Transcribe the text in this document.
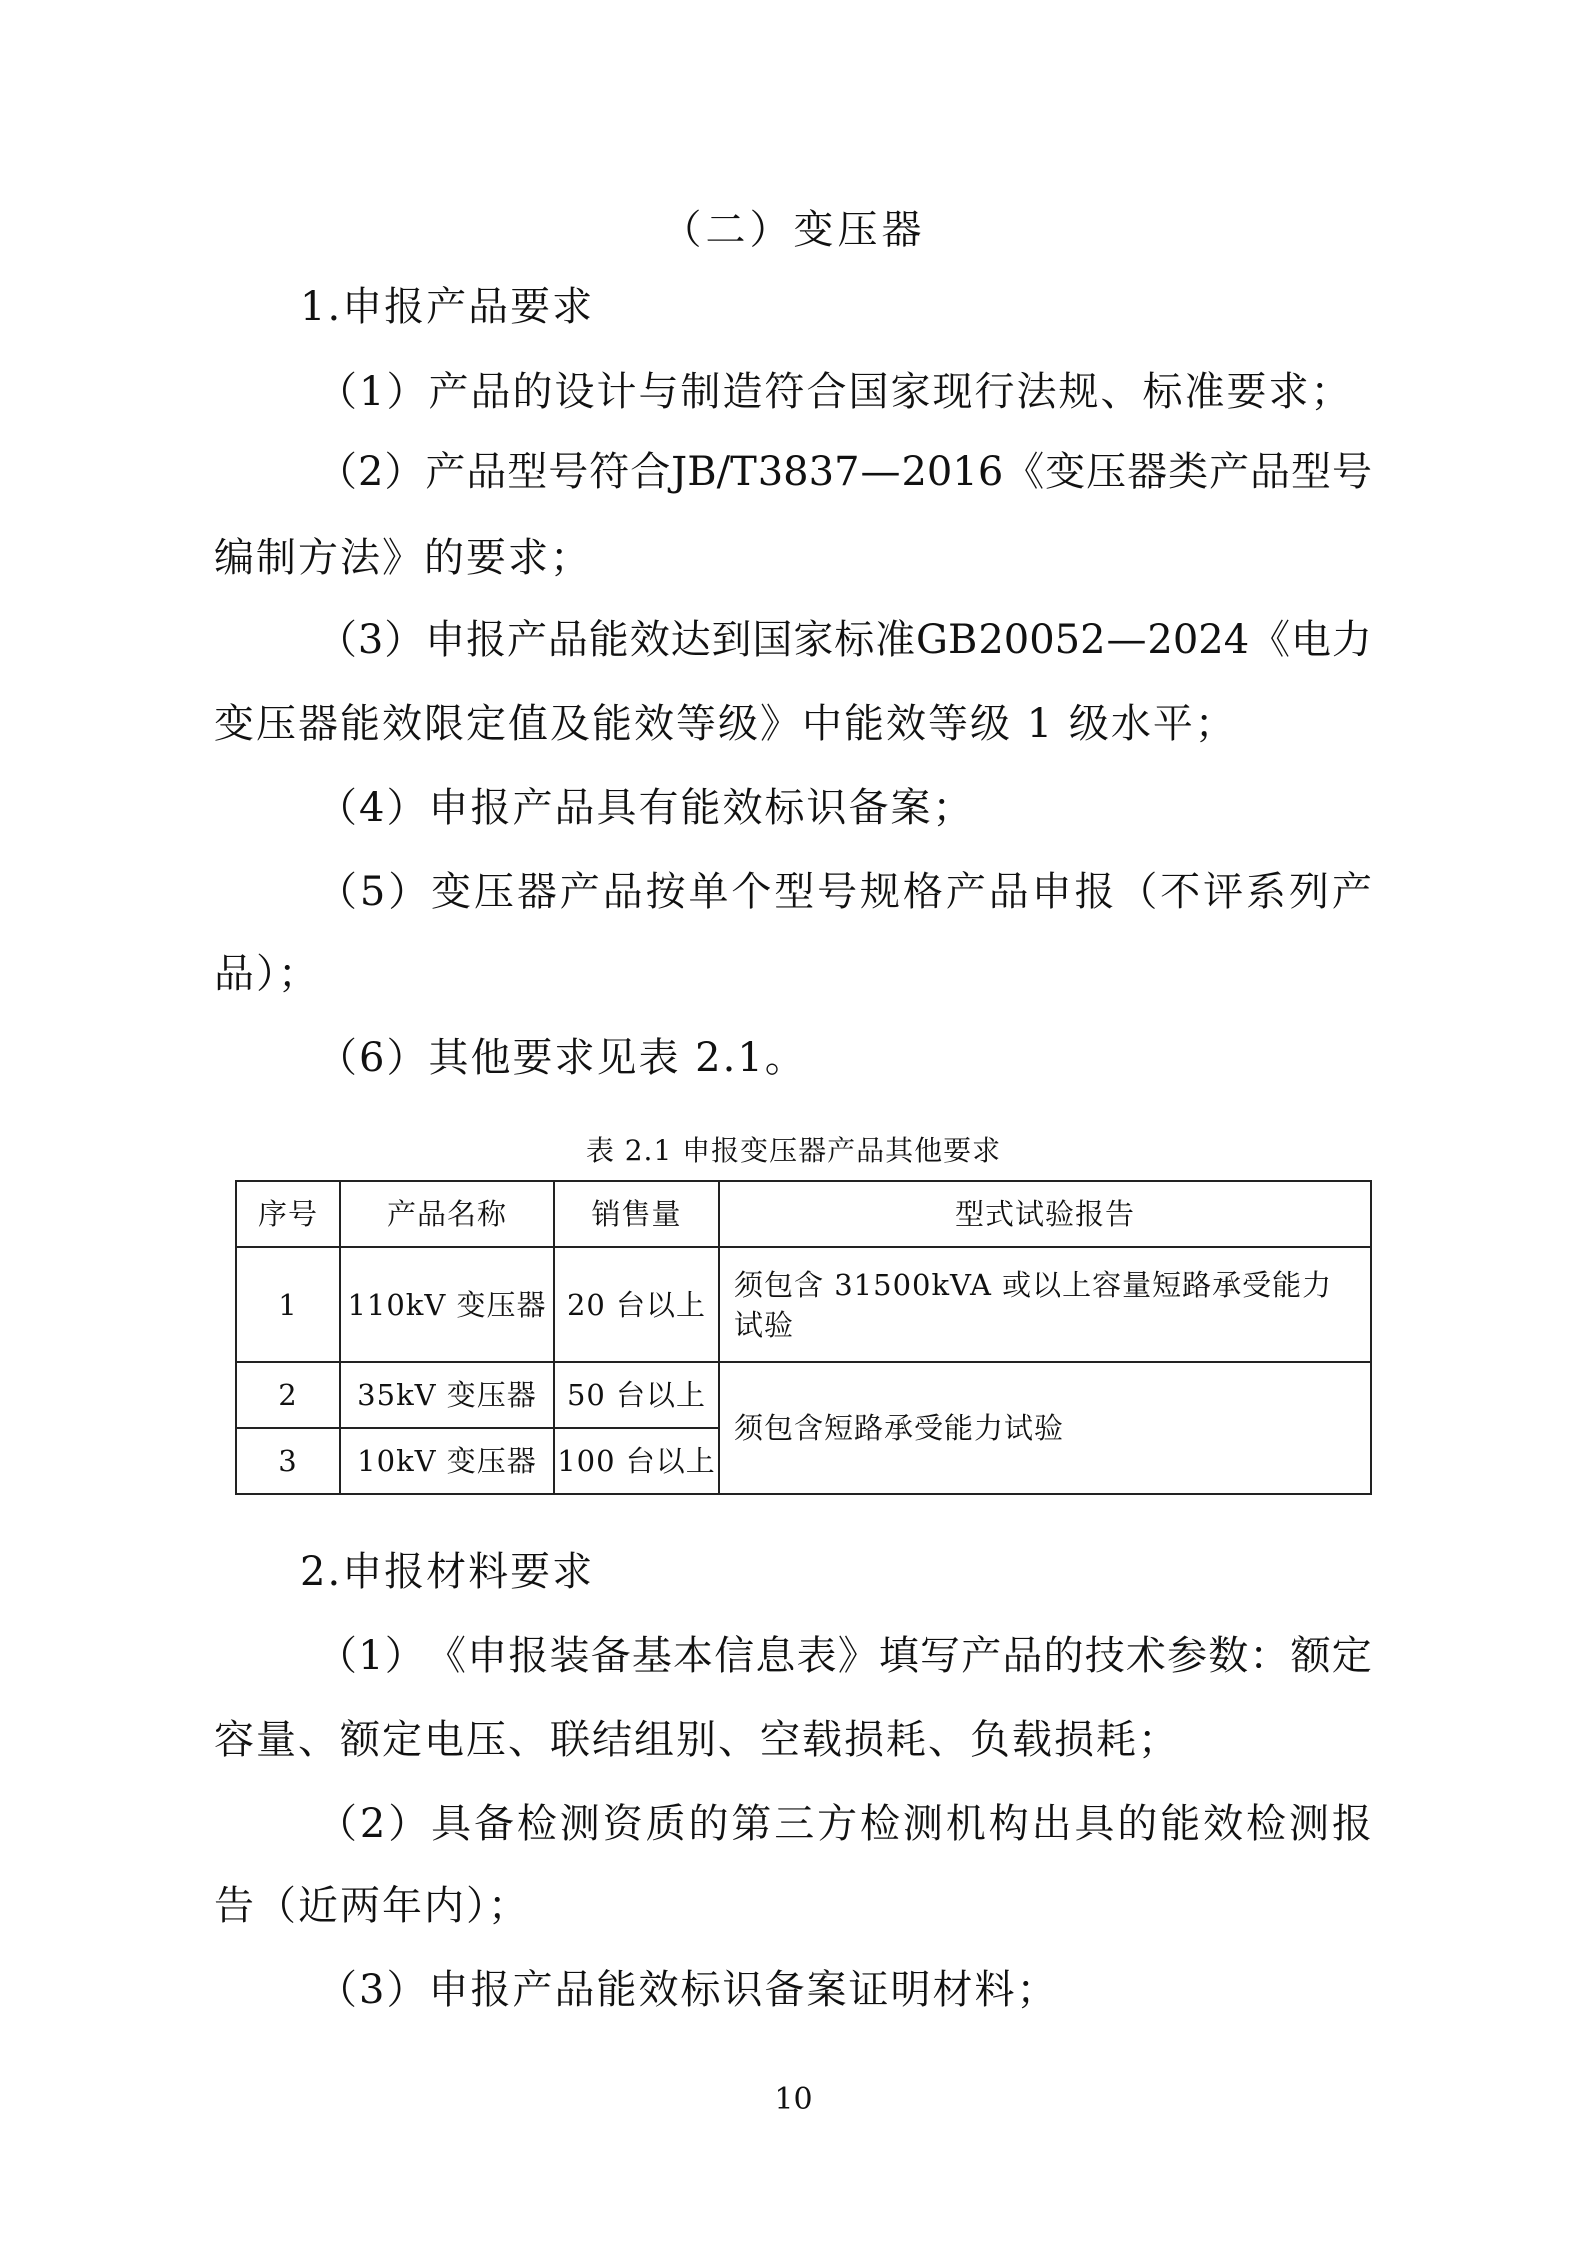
（二）变压器

1.申报产品要求

（1）产品的设计与制造符合国家现行法规、标准要求；

（ 2 ） 产 品 型 号 符 合 JB/T 3837 — 2016 《 变 压 器 类 产 品 型 号

编制方法》的要求；

（ 3 ） 申 报 产 品 能 效 达 到 国 家 标 准 GB 20052 — 2024 《 电 力

变压器能效限定值及能效等级》中能效等级 1 级水平；

（4）申报产品具有能效标识备案；

（ 5 ） 变 压 器 产 品 按 单 个 型 号 规 格 产 品 申 报 （ 不 评 系 列 产

品）；

（6）其他要求见表 2.1。

表 2.1 申报变压器产品其他要求

序号	产品名称	销售量	型式试验报告
1	110kV 变压器	20 台以上	须包含 31500kVA 或以上容量短路承受能力试验
2	35kV 变压器	50 台以上	须包含短路承受能力试验
3	10kV 变压器	100 台以上	

2.申报材料要求

（ 1 ） 《 申 报 装 备 基 本 信 息 表 》 填 写 产 品 的 技 术 参 数 ： 额 定

容量、额定电压、联结组别、空载损耗、负载损耗；

（ 2 ） 具 备 检 测 资 质 的 第 三 方 检 测 机 构 出 具 的 能 效 检 测 报

告（近两年内）；

（3）申报产品能效标识备案证明材料；

10
